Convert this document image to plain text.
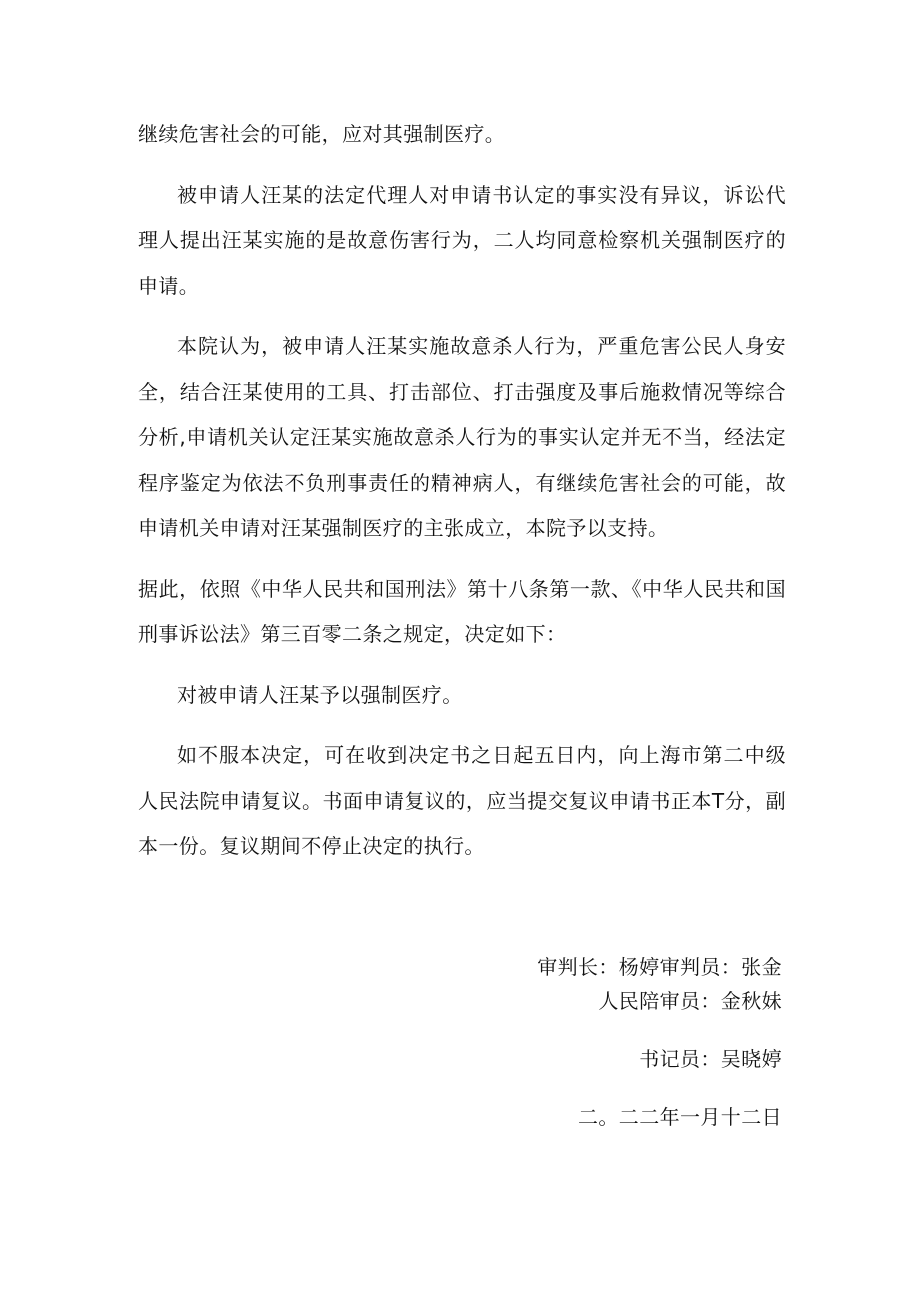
继续危害社会的可能，应对其强制医疗。

被申请人汪某的法定代理人对申请书认定的事实没有异议，诉讼代理人提出汪某实施的是故意伤害行为，二人均同意检察机关强制医疗的申请。

本院认为，被申请人汪某实施故意杀人行为，严重危害公民人身安全，结合汪某使用的工具、打击部位、打击强度及事后施救情况等综合分析,申请机关认定汪某实施故意杀人行为的事实认定并无不当，经法定程序鉴定为依法不负刑事责任的精神病人，有继续危害社会的可能，故申请机关申请对汪某强制医疗的主张成立，本院予以支持。

据此，依照《中华人民共和国刑法》第十八条第一款、《中华人民共和国刑事诉讼法》第三百零二条之规定，决定如下：

对被申请人汪某予以强制医疗。

如不服本决定，可在收到决定书之日起五日内，向上海市第二中级人民法院申请复议。书面申请复议的，应当提交复议申请书正本T分，副本一份。复议期间不停止决定的执行。

审判长：杨婷审判员：张金
人民陪审员：金秋妹
书记员：吴晓婷
二。二二年一月十二日
